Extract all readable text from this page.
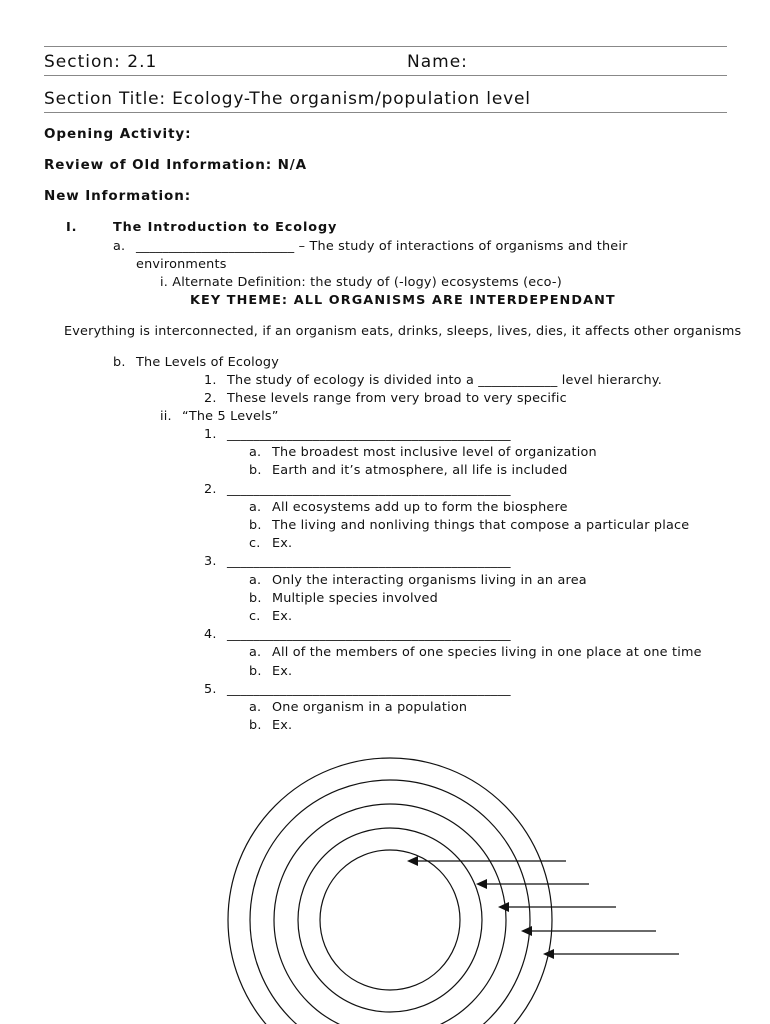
Section: 2.1	Name:
Section Title: Ecology-The organism/population level
Opening Activity:
Review of Old Information: N/A
New Information:
I.	The Introduction to Ecology
a. ________________________ – The study of interactions of organisms and their
environments
i. Alternate Definition: the study of (-logy) ecosystems (eco-)
KEY THEME: ALL ORGANISMS ARE INTERDEPENDANT
Everything is interconnected, if an organism eats, drinks, sleeps, lives, dies, it affects other organisms
b. The Levels of Ecology
1. The study of ecology is divided into a ____________ level hierarchy.
2. These levels range from very broad to very specific
ii. “The 5 Levels”
1. ___________________________________________
a. The broadest most inclusive level of organization
b. Earth and it’s atmosphere, all life is included
2. ___________________________________________
a. All ecosystems add up to form the biosphere
b. The living and nonliving things that compose a particular place
c. Ex.
3. ___________________________________________
a. Only the interacting organisms living in an area
b. Multiple species involved
c. Ex.
4. ___________________________________________
a. All of the members of one species living in one place at one time
b. Ex.
5. ___________________________________________
a. One organism in a population
b. Ex.
